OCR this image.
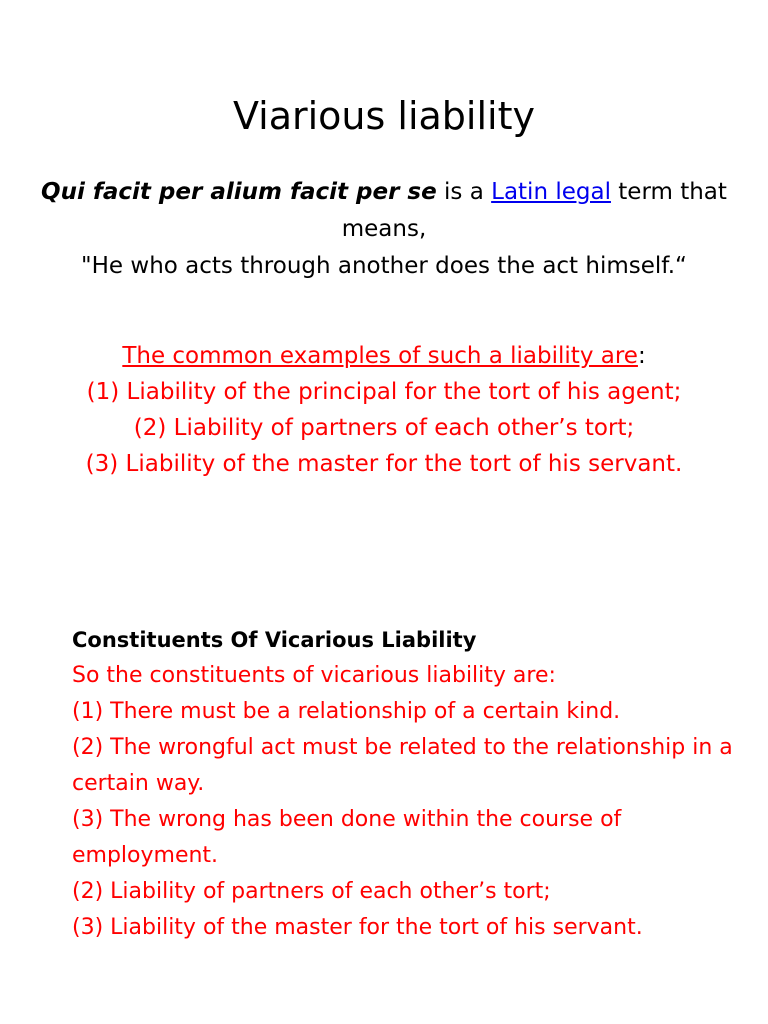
Viarious liability
Qui facit per alium facit per se is a Latin legal term that means,
"He who acts through another does the act himself.“
The common examples of such a liability are:
(1) Liability of the principal for the tort of his agent;
(2) Liability of partners of each other’s tort;
(3) Liability of the master for the tort of his servant.
Constituents Of Vicarious Liability
So the constituents of vicarious liability are:
(1) There must be a relationship of a certain kind.
(2) The wrongful act must be related to the relationship in a certain way.
(3) The wrong has been done within the course of employment.
(2) Liability of partners of each other’s tort;
(3) Liability of the master for the tort of his servant.
